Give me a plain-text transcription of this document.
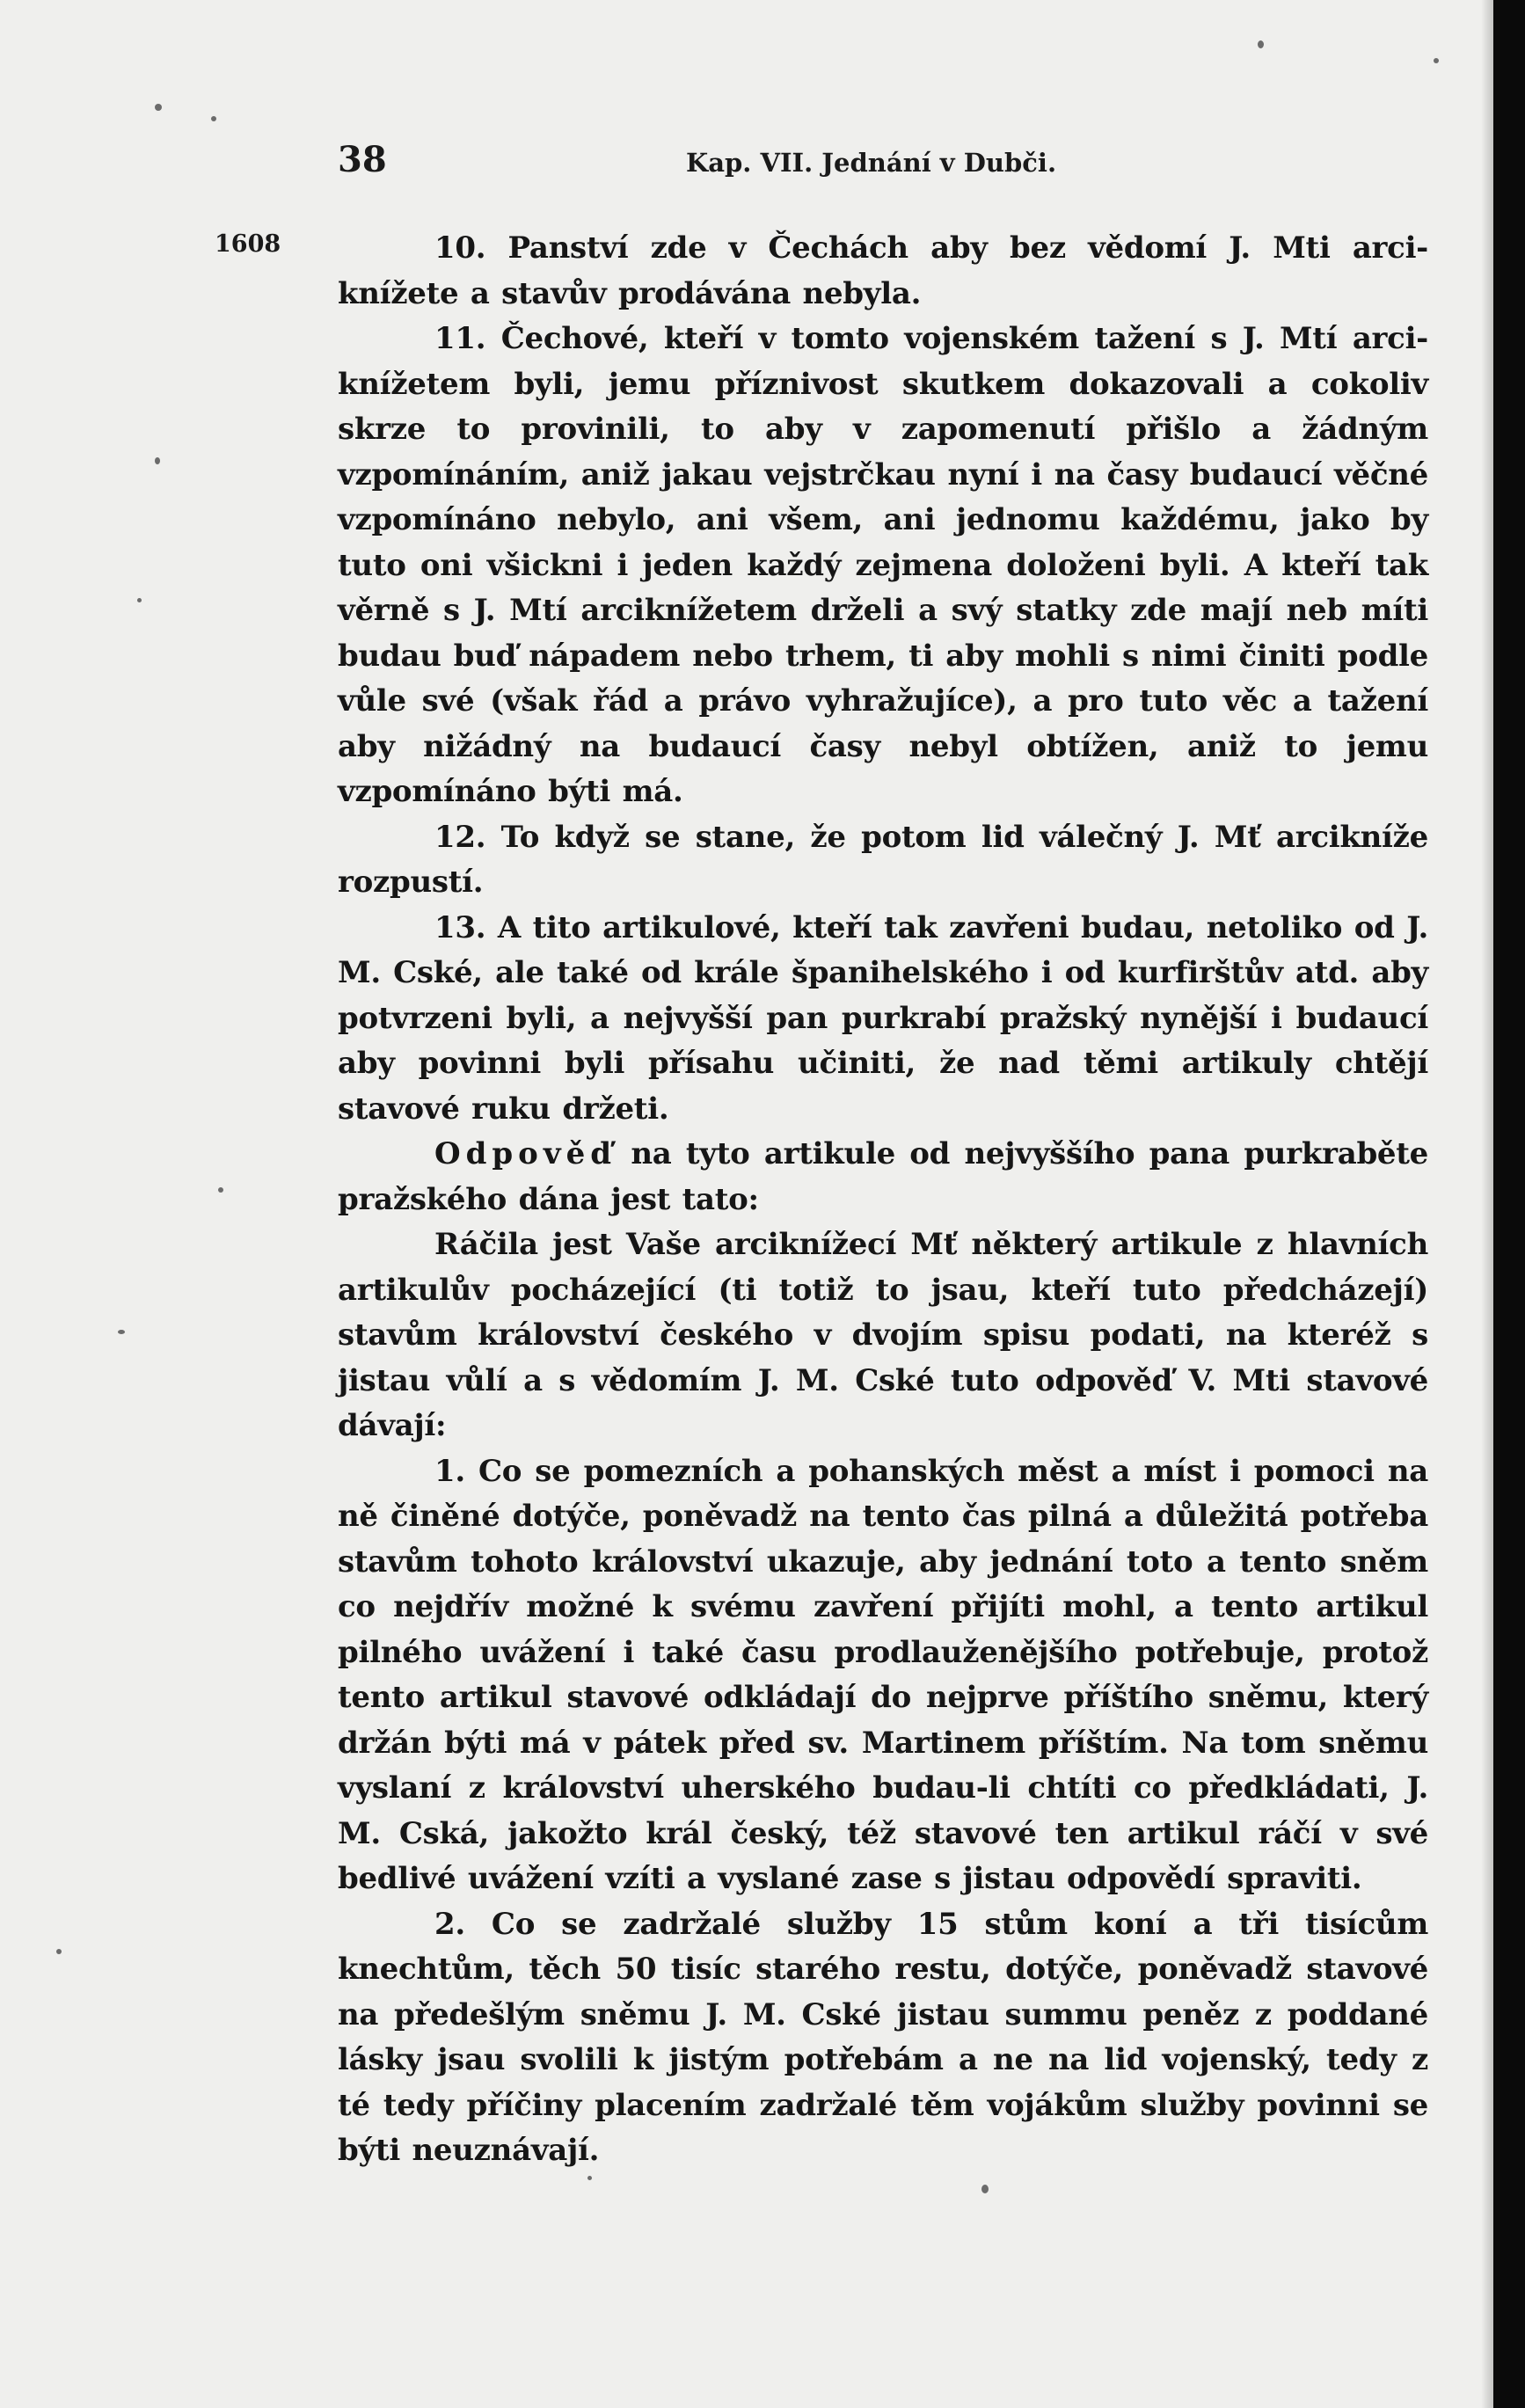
38	Kap. VII. Jednání v Dubči.
1608	10. Panství zde v Čechách aby bez vědomí J. Mti arci-knížete a stavův prodávána nebyla.

11. Čechové, kteří v tomto vojenském tažení s J. Mtí arci-knížetem byli, jemu příznivost skutkem dokazovali a cokoliv skrze to provinili, to aby v zapomenutí přišlo a žádným vzpomínáním, aniž jakau vejstrčkau nyní i na časy budaucí věčné vzpomínáno nebylo, ani všem, ani jednomu každému, jako by tuto oni všickni i jeden každý zejmena doloženi byli. A kteří tak věrně s J. Mtí arciknížetem drželi a svý statky zde mají neb míti budau buď nápadem nebo trhem, ti aby mohli s nimi činiti podle vůle své (však řád a právo vyhražujíce), a pro tuto věc a tažení aby nižádný na budaucí časy nebyl obtížen, aniž to jemu vzpomínáno býti má.

12. To když se stane, že potom lid válečný J. Mť arcikníže rozpustí.

13. A tito artikulové, kteří tak zavřeni budau, netoliko od J. M. Cské, ale také od krále španihelského i od kurfirštův atd. aby potvrzeni byli, a nejvyšší pan purkrabí pražský nynější i budaucí aby povinni byli přísahu učiniti, že nad těmi artikuly chtějí stavové ruku držeti.

Odpověď na tyto artikule od nejvyššího pana purkraběte pražského dána jest tato:

Ráčila jest Vaše arciknížecí Mť některý artikule z hlavních artikulův pocházející (ti totiž to jsau, kteří tuto předcházejí) stavům království českého v dvojím spisu podati, na kteréž s jistau vůlí a s vědomím J. M. Cské tuto odpověď V. Mti stavové dávají:

1. Co se pomezních a pohanských měst a míst i pomoci na ně činěné dotýče, poněvadž na tento čas pilná a důležitá potřeba stavům tohoto království ukazuje, aby jednání toto a tento sněm co nejdřív možné k svému zavření přijíti mohl, a tento artikul pilného uvážení i také času prodlauženějšího potřebuje, protož tento artikul stavové odkládají do nejprve příštího sněmu, který držán býti má v pátek před sv. Martinem příštím. Na tom sněmu vyslaní z království uherského budau-li chtíti co předkládati, J. M. Cská, jakožto král český, též stavové ten artikul ráčí v své bedlivé uvážení vzíti a vyslané zase s jistau odpovědí spraviti.

2. Co se zadržalé služby 15 stům koní a tři tisícům knechtům, těch 50 tisíc starého restu, dotýče, poněvadž stavové na předešlým sněmu J. M. Cské jistau summu peněz z poddané lásky jsau svolili k jistým potřebám a ne na lid vojenský, tedy z té tedy příčiny placením zadržalé těm vojákům služby povinni se býti neuznávají.
